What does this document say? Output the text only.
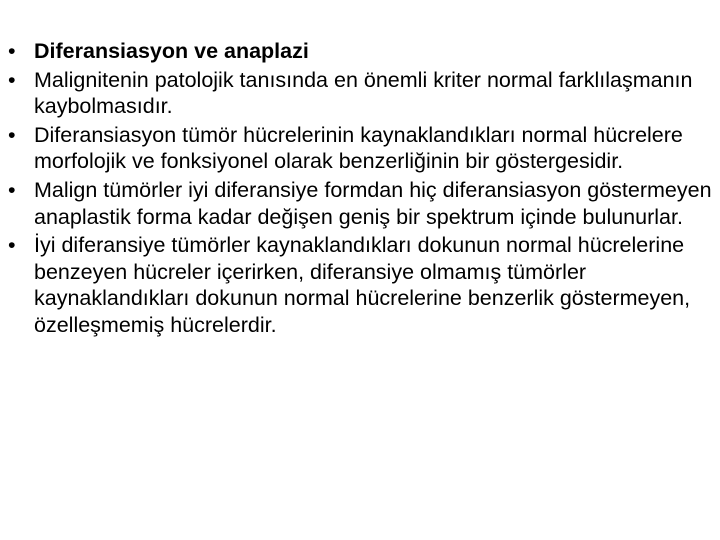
• Diferansiasyon ve anaplazi
• Malignitenin patolojik tanısında en önemli kriter normal farklılaşmanın kaybolmasıdır.
• Diferansiasyon tümör hücrelerinin kaynaklandıkları normal hücrelere morfolojik ve fonksiyonel olarak benzerliğinin bir göstergesidir.
• Malign tümörler iyi diferansiye formdan hiç diferansiasyon göstermeyen anaplastik forma kadar değişen geniş bir spektrum içinde bulunurlar.
• İyi diferansiye tümörler kaynaklandıkları dokunun normal hücrelerine benzeyen hücreler içerirken, diferansiye olmamış tümörler kaynaklandıkları dokunun normal hücrelerine benzerlik göstermeyen, özelleşmemiş hücrelerdir.
